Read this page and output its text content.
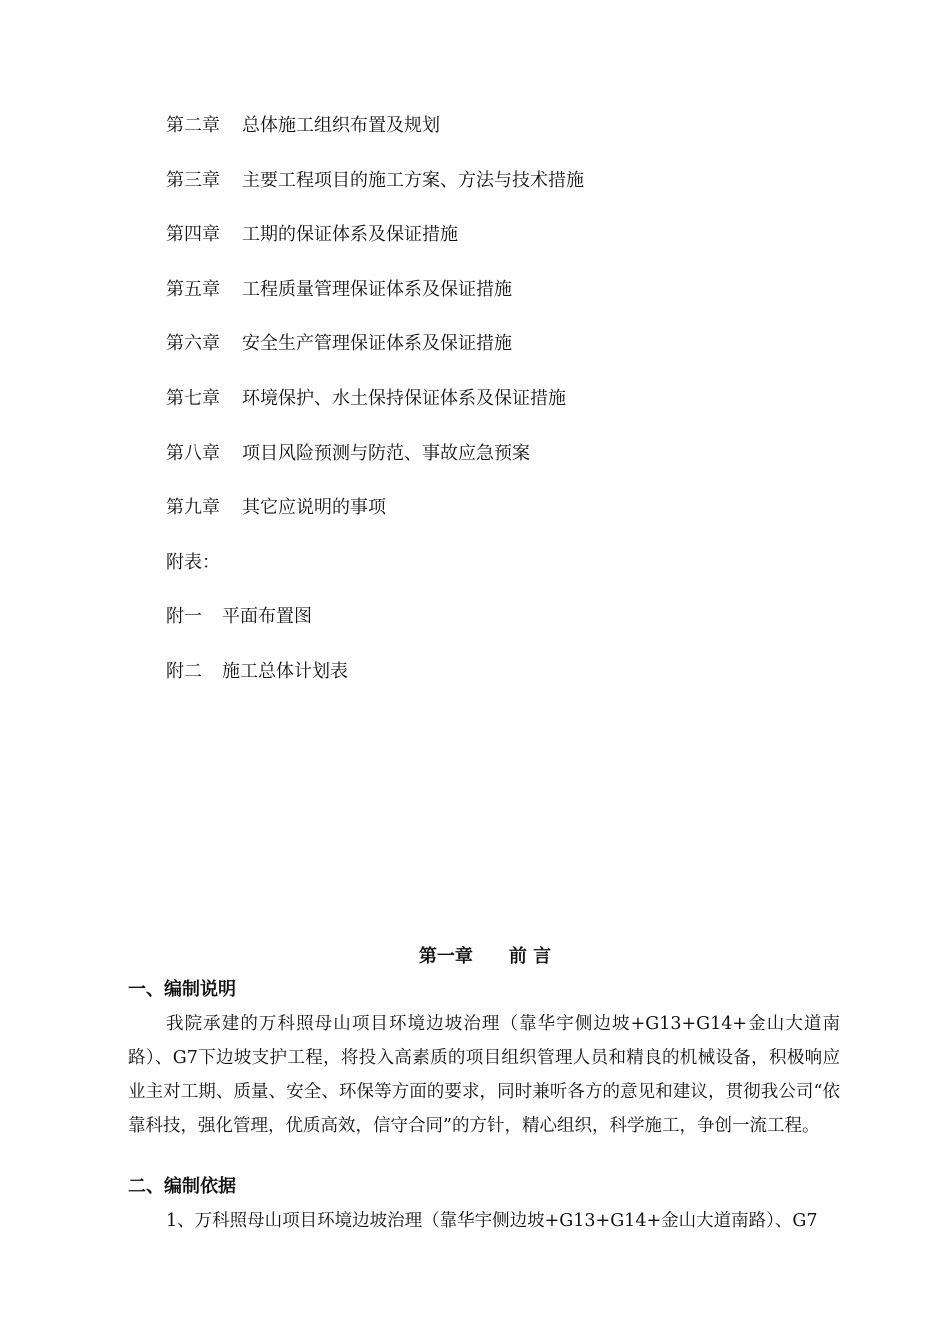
第二章 总体施工组织布置及规划
第三章 主要工程项目的施工方案、方法与技术措施
第四章 工期的保证体系及保证措施
第五章 工程质量管理保证体系及保证措施
第六章 安全生产管理保证体系及保证措施
第七章 环境保护、水土保持保证体系及保证措施
第八章 项目风险预测与防范、事故应急预案
第九章 其它应说明的事项
附表：
附一 平面布置图
附二 施工总体计划表
第一章 前 言
一、编制说明
我院承建的万科照母山项目环境边坡治理（靠华宇侧边坡+G13+G14+金山大道南路）、G7下边坡支护工程，将投入高素质的项目组织管理人员和精良的机械设备，积极响应业主对工期、质量、安全、环保等方面的要求，同时兼听各方的意见和建议，贯彻我公司“依靠科技，强化管理，优质高效，信守合同”的方针，精心组织，科学施工，争创一流工程。
二、编制依据
1、万科照母山项目环境边坡治理（靠华宇侧边坡+G13+G14+金山大道南路）、G7
